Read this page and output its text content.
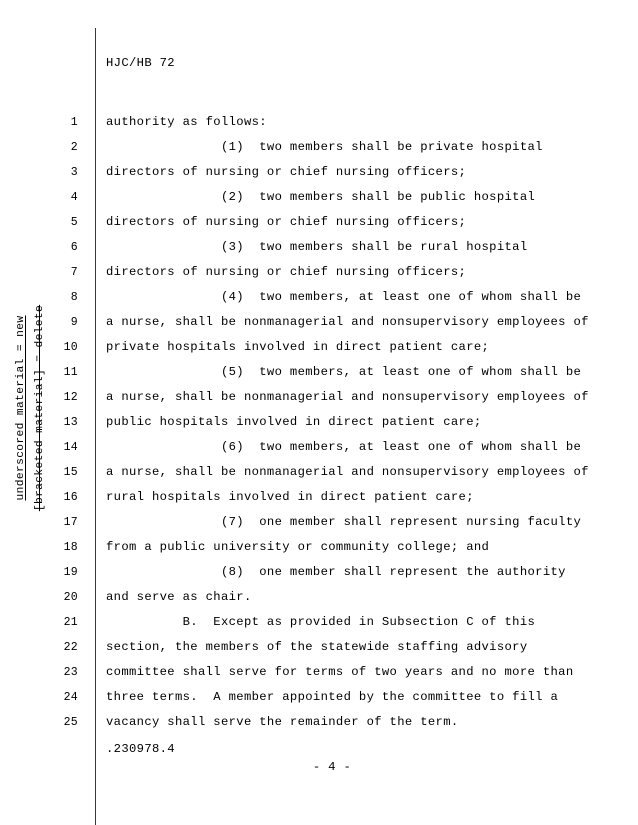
underscored material = new [bracketed material] = delete
1
2
3
4
5
6
7
8
9
10
11
12
13
14
15
16
17
18
19
20
21
22
23
24
25
HJC/HB 72
authority as follows:
(1)  two members shall be private hospital
directors of nursing or chief nursing officers;
(2)  two members shall be public hospital
directors of nursing or chief nursing officers;
(3)  two members shall be rural hospital
directors of nursing or chief nursing officers;
(4)  two members, at least one of whom shall be
a nurse, shall be nonmanagerial and nonsupervisory employees of
private hospitals involved in direct patient care;
(5)  two members, at least one of whom shall be
a nurse, shall be nonmanagerial and nonsupervisory employees of
public hospitals involved in direct patient care;
(6)  two members, at least one of whom shall be
a nurse, shall be nonmanagerial and nonsupervisory employees of
rural hospitals involved in direct patient care;
(7)  one member shall represent nursing faculty
from a public university or community college; and
(8)  one member shall represent the authority
and serve as chair.
B.  Except as provided in Subsection C of this
section, the members of the statewide staffing advisory
committee shall serve for terms of two years and no more than
three terms.  A member appointed by the committee to fill a
vacancy shall serve the remainder of the term.
.230978.4
- 4 -
